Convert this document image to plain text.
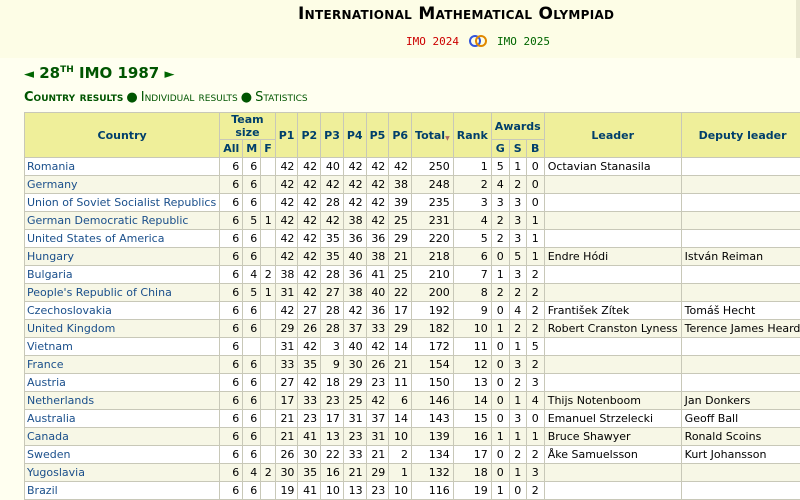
International Mathematical Olympiad
IMO 2024	IMO 2025
◄ 28TH IMO 1987 ►
Country results ● Individual results ● Statistics
Country	Team size			P1	P2	P3	P4	P5	P6	Total▼	Rank	Awards			Leader	Deputy leader
	All	M	F									G	S	B		
Romania	6	6		42	42	40	42	42	42	250	1	5	1	0	Octavian Stanasila	
Germany	6	6		42	42	42	42	42	38	248	2	4	2	0		
Union of Soviet Socialist Republics	6	6		42	42	28	42	42	39	235	3	3	3	0		
German Democratic Republic	6	5	1	42	42	42	38	42	25	231	4	2	3	1		
United States of America	6	6		42	42	35	36	36	29	220	5	2	3	1		
Hungary	6	6		42	42	35	40	38	21	218	6	0	5	1	Endre Hódi	István Reiman
Bulgaria	6	4	2	38	42	28	36	41	25	210	7	1	3	2		
People's Republic of China	6	5	1	31	42	27	38	40	22	200	8	2	2	2		
Czechoslovakia	6	6		42	27	28	42	36	17	192	9	0	4	2	František Zítek	Tomáš Hecht
United Kingdom	6	6		29	26	28	37	33	29	182	10	1	2	2	Robert Cranston Lyness	Terence James Heard
Vietnam	6			31	42	3	40	42	14	172	11	0	1	5		
France	6	6		33	35	9	30	26	21	154	12	0	3	2		
Austria	6	6		27	42	18	29	23	11	150	13	0	2	3		
Netherlands	6	6		17	33	23	25	42	6	146	14	0	1	4	Thijs Notenboom	Jan Donkers
Australia	6	6		21	23	17	31	37	14	143	15	0	3	0	Emanuel Strzelecki	Geoff Ball
Canada	6	6		21	41	13	23	31	10	139	16	1	1	1	Bruce Shawyer	Ronald Scoins
Sweden	6	6		26	30	22	33	21	2	134	17	0	2	2	Åke Samuelsson	Kurt Johansson
Yugoslavia	6	4	2	30	35	16	21	29	1	132	18	0	1	3		
Brazil	6	6		19	41	10	13	23	10	116	19	1	0	2		
